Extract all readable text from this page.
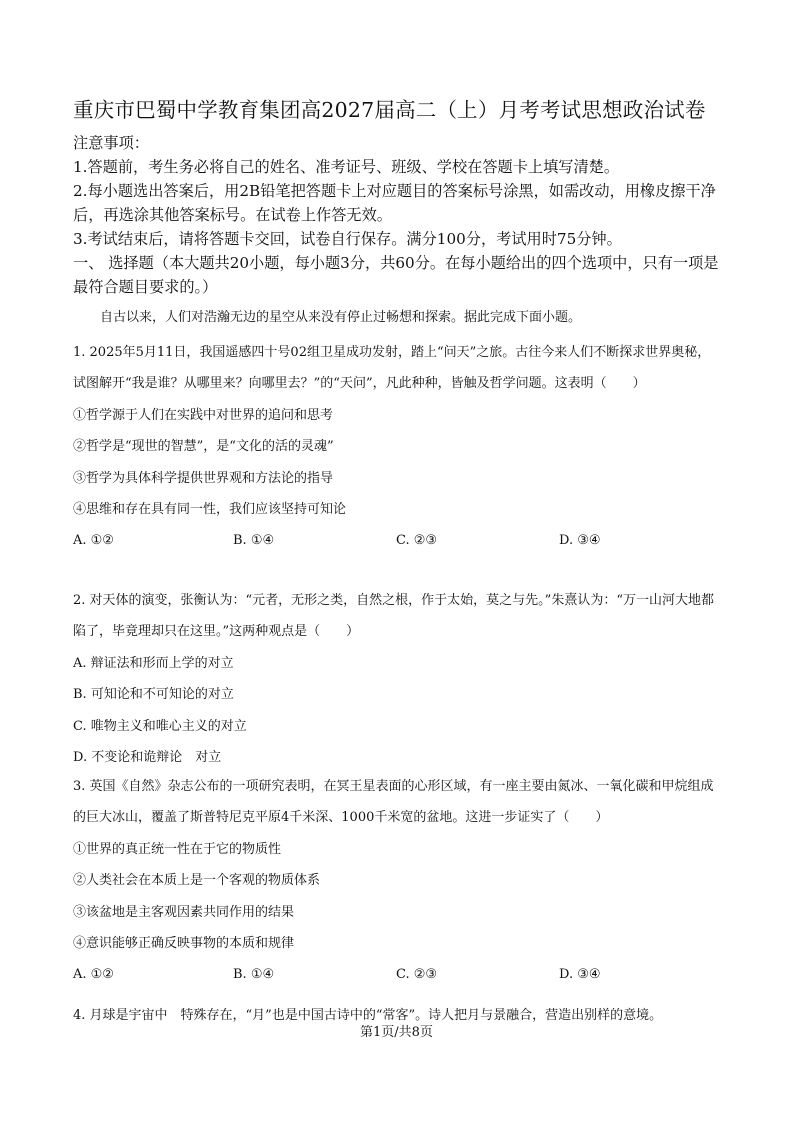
重庆市巴蜀中学教育集团高2027届高二（上）月考考试思想政治试卷

注意事项：

1.答题前，考生务必将自己的姓名、准考证号、班级、学校在答题卡上填写清楚。

2.每小题选出答案后，用2B铅笔把答题卡上对应题目的答案标号涂黑，如需改动，用橡皮擦干净后，再选涂其他答案标号。在试卷上作答无效。

3.考试结束后，请将答题卡交回，试卷自行保存。满分100分，考试用时75分钟。

一、 选择题（本大题共20小题，每小题3分，共60分。在每小题给出的四个选项中，只有一项是最符合题目要求的。）

自古以来，人们对浩瀚无边的星空从来没有停止过畅想和探索。据此完成下面小题。

1. 2025年5月11日，我国遥感四十号02组卫星成功发射，踏上“问天”之旅。古往今来人们不断探求世界奥秘，试图解开“我是谁？从哪里来？向哪里去？”的“天问”，凡此种种，皆触及哲学问题。这表明（　　）

①哲学源于人们在实践中对世界的追问和思考

②哲学是“现世的智慧”，是“文化的活的灵魂”

③哲学为具体科学提供世界观和方法论的指导

④思维和存在具有同一性，我们应该坚持可知论

A. ①②	B. ①④	C. ②③	D. ③④

2. 对天体的演变，张衡认为：“元者，无形之类，自然之根，作于太始，莫之与先。”朱熹认为：“万一山河大地都陷了，毕竟理却只在这里。”这两种观点是（　　）

A. 辩证法和形而上学的对立

B. 可知论和不可知论的对立

C. 唯物主义和唯心主义的对立

D. 不变论和诡辩论　对立

3. 英国《自然》杂志公布的一项研究表明，在冥王星表面的心形区域，有一座主要由氮冰、一氧化碳和甲烷组成的巨大冰山，覆盖了斯普特尼克平原4千米深、1000千米宽的盆地。这进一步证实了（　　）

①世界的真正统一性在于它的物质性

②人类社会在本质上是一个客观的物质体系

③该盆地是主客观因素共同作用的结果

④意识能够正确反映事物的本质和规律

A. ①②	B. ①④	C. ②③	D. ③④

4. 月球是宇宙中　特殊存在，“月”也是中国古诗中的“常客”。诗人把月与景融合，营造出别样的意境。

第1页/共8页
